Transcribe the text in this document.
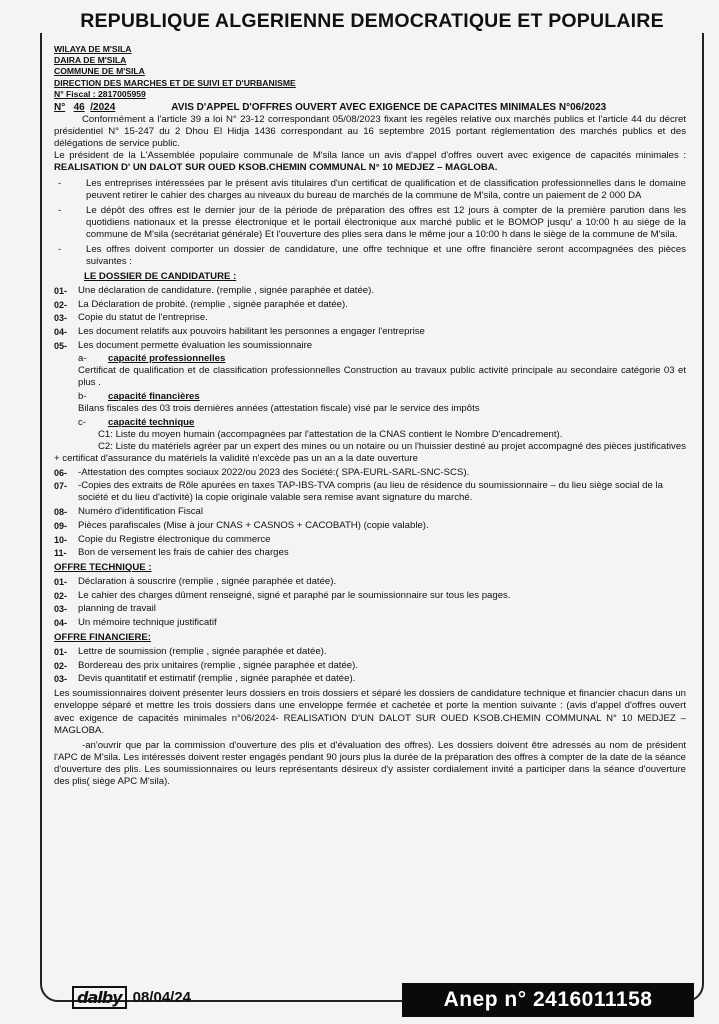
REPUBLIQUE ALGERIENNE DEMOCRATIQUE ET POPULAIRE
WILAYA DE M'SILA
DAIRA DE M'SILA
COMMUNE DE M'SILA
DIRECTION DES MARCHES ET DE SUIVI ET D'URBANISME
N° Fiscal : 2817005959
N° 46 /2024	AVIS D'APPEL D'OFFRES OUVERT AVEC EXIGENCE DE CAPACITES MINIMALES N°06/2023

Conformément a l'article 39 a loi N° 23-12 correspondant 05/08/2023 fixant les regèles relative oux marchés publics et l'article 44 du décret présidentiel N° 15-247 du 2 Dhou El Hidja 1436 correspondant au 16 septembre 2015 portant réglementation des marchés publics et des délégations de service public.

Le président de la L'Assemblée populaire communale de M'sila lance un avis d'appel d'offres ouvert avec exigence de capacités minimales : REALISATION D' UN DALOT SUR OUED KSOB.CHEMIN COMMUNAL N° 10 MEDJEZ – MAGLOBA.

-	Les entreprises intéressées par le présent avis titulaires d'un certificat de qualification et de classification professionnelles dans le domaine peuvent retirer le cahier des charges au niveaux du bureau de marchés de la commune de M'sila, contre un paiement de 2 000 DA
-	Le dépôt des offres est le dernier jour de la période de préparation des offres est 12 jours à compter de la première parution dans les quotidiens nationaux et la presse électronique et le portail électronique aux marché public et le BOMOP jusqu' a 10:00 h au siège de la commune de M'sila (secrétariat générale) Et l'ouverture des plies sera dans le même jour a 10:00 h dans le siège de la commune de M'sila.
-	Les offres doivent comporter un dossier de candidature, une offre technique et une offre financière seront accompagnées des pièces suivantes :
LE DOSSIER DE CANDIDATURE :
01-	Une déclaration de candidature. (remplie , signée paraphée et datée).
02-	La Déclaration de probité. (remplie , signée paraphée et datée).
03-	Copie du statut de l'entreprise.
04-	Les document relatifs aux pouvoirs habilitant les personnes a engager l'entreprise
05-	Les document permette évaluation les soumissionnaire
a-	capacité professionnelles

Certificat de qualification et de classification professionnelles Construction au travaux public activité principale au secondaire catégorie 03 et plus .

b-	capacité financières

Bilans fiscales des 03 trois dernières années (attestation fiscale) visé par le service des impôts

c-	capacité technique

C1: Liste du moyen humain (accompagnées par l'attestation de la CNAS contient le Nombre D'encadrement).

C2: Liste du matériels agréer par un expert des mines ou un notaire ou un l'huissier destiné au projet accompagné des pièces justificatives + certificat d'assurance du matériels la validité n'excède pas un an a la date ouverture

06-	-Attestation des comptes sociaux 2022/ou 2023 des Société:( SPA-EURL-SARL-SNC-SCS).
07-	-Copies des extraits de Rôle apurées en taxes TAP-IBS-TVA compris (au lieu de résidence du soumissionnaire – du lieu siège social de la société et du lieu d'activité) la copie originale valable sera remise avant signature du marché.
08-	Numéro d'identification Fiscal
09-	Pièces parafiscales (Mise à jour CNAS + CASNOS + CACOBATH) (copie valable).
10-	Copie du Registre électronique du commerce
11-	Bon de versement les frais de cahier des charges
OFFRE TECHNIQUE :
01-	Déclaration à souscrire (remplie , signée paraphée et datée).
02-	Le cahier des charges dûment renseigné, signé et paraphé par le soumissionnaire sur tous les pages.
03-	planning de travail
04-	Un mémoire technique justificatif
OFFRE FINANCIERE:
01-	Lettre de soumission (remplie , signée paraphée et datée).
02-	Bordereau des prix unitaires (remplie , signée paraphée et datée).
03-	Devis quantitatif et estimatif (remplie , signée paraphée et datée).

Les soumissionnaires doivent présenter leurs dossiers en trois dossiers et séparé les dossiers de candidature technique et financier chacun dans un enveloppe séparé et mettre les trois dossiers dans une enveloppe fermée et cachetée et porte la mention suivante : (avis d'appel d'offres ouvert avec exigence de capacités minimales n°06/2024- REALISATION D'UN DALOT SUR OUED KSOB.CHEMIN COMMUNAL N° 10 MEDJEZ – MAGLOBA.

-an'ouvrir que par la commission d'ouverture des plis et d'évaluation des offres). Les dossiers doivent être adressés au nom de président l'APC de M'sila. Les intéressés doivent rester engagés pendant 90 jours plus la durée de la préparation des offres à compter de la date de la séance d'ouverture des plis. Les soumissionnaires ou leurs représentants désireux d'y assister cordialement invité a participer dans la séance d'ouverture des plis( siège APC M'sila).

dalby 08/04/24	Anep n° 2416011158
